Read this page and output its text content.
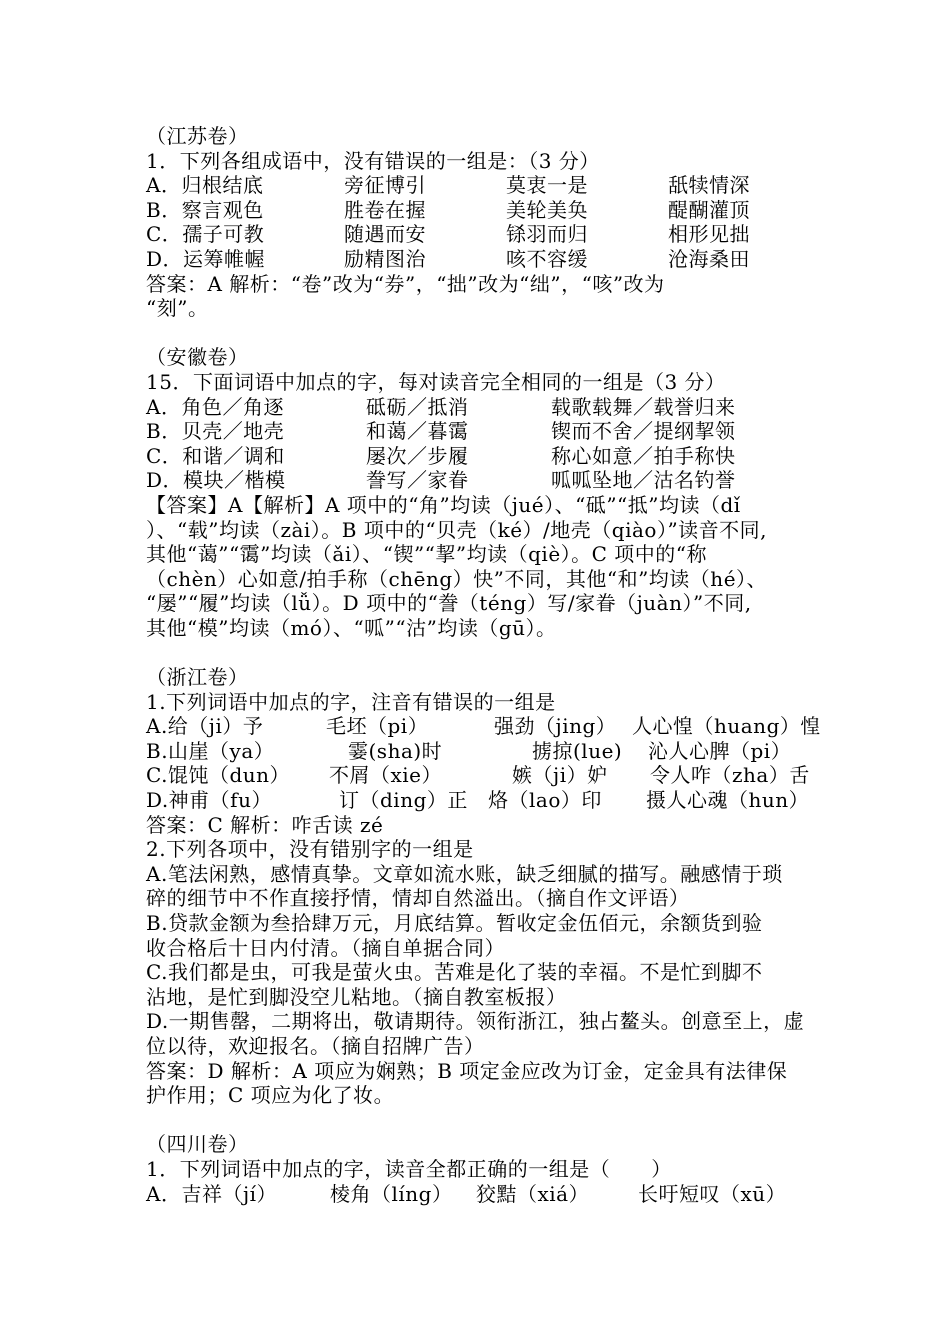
（江苏卷）
1．下列各组成语中，没有错误的一组是：（3 分）
A．归根结底	旁征博引	莫衷一是	舐犊情深
B．察言观色	胜卷在握	美轮美奂	醍醐灌顶
C．孺子可教	随遇而安	铩羽而归	相形见拙
D．运筹帷幄	励精图治	咳不容缓	沧海桑田
答案：A 解析：“卷”改为“券”，“拙”改为“绌”，“咳”改为
“刻”。
（安徽卷）
15．下面词语中加点的字，每对读音完全相同的一组是（3 分）
A．角色／角逐	砥砺／抵消	载歌载舞／载誉归来
B．贝壳／地壳	和蔼／暮霭	锲而不舍／提纲挈领
C．和谐／调和	屡次／步履	称心如意／拍手称快
D．模块／楷模	誊写／家眷	呱呱坠地／沽名钓誉
【答案】A【解析】A 项中的“角”均读（jué）、“砥”“抵”均读（dǐ
）、“载”均读（zài）。B 项中的“贝壳（ké）/地壳（qiào）”读音不同,
其他“蔼”“霭”均读（ǎi）、“锲”“挈”均读（qiè）。C 项中的“称
（chèn）心如意/拍手称（chēng）快”不同，其他“和”均读（hé）、
“屡”“履”均读（lǚ）。D 项中的“誊（téng）写/家眷（juàn）”不同,
其他“模”均读（mó）、“呱”“沽”均读（gū）。
（浙江卷）
1.下列词语中加点的字，注音有错误的一组是
A.给（ji）予	毛坯（pi）	强劲（jing） 人心惶（huang）惶
B.山崖（ya）	霎(sha)时	掳掠(lue) 沁人心脾（pi）
C.馄饨（dun） 不屑（xie）	嫉（ji）妒 令人咋（zha）舌
D.神甫（fu）	订（ding）正 烙（lao）印 摄人心魂（hun）
答案：C 解析：咋舌读 zé
2.下列各项中，没有错别字的一组是
A.笔法闲熟，感情真挚。文章如流水账，缺乏细腻的描写。融感情于琐
碎的细节中不作直接抒情，情却自然溢出。（摘自作文评语）
B.贷款金额为叁拾肆万元，月底结算。暂收定金伍佰元，余额货到验
收合格后十日内付清。（摘自单据合同）
C.我们都是虫，可我是萤火虫。苦难是化了装的幸福。不是忙到脚不
沾地，是忙到脚没空儿粘地。（摘自教室板报）
D.一期售罄，二期将出，敬请期待。领衔浙江，独占鳌头。创意至上，虚
位以待，欢迎报名。（摘自招牌广告）
答案：D 解析：A 项应为娴熟；B 项定金应改为订金，定金具有法律保
护作用；C 项应为化了妆。
（四川卷）
1．下列词语中加点的字，读音全都正确的一组是（　　）
A．吉祥（jí）	棱角（líng） 狡黠（xiá） 长吁短叹（xū）
